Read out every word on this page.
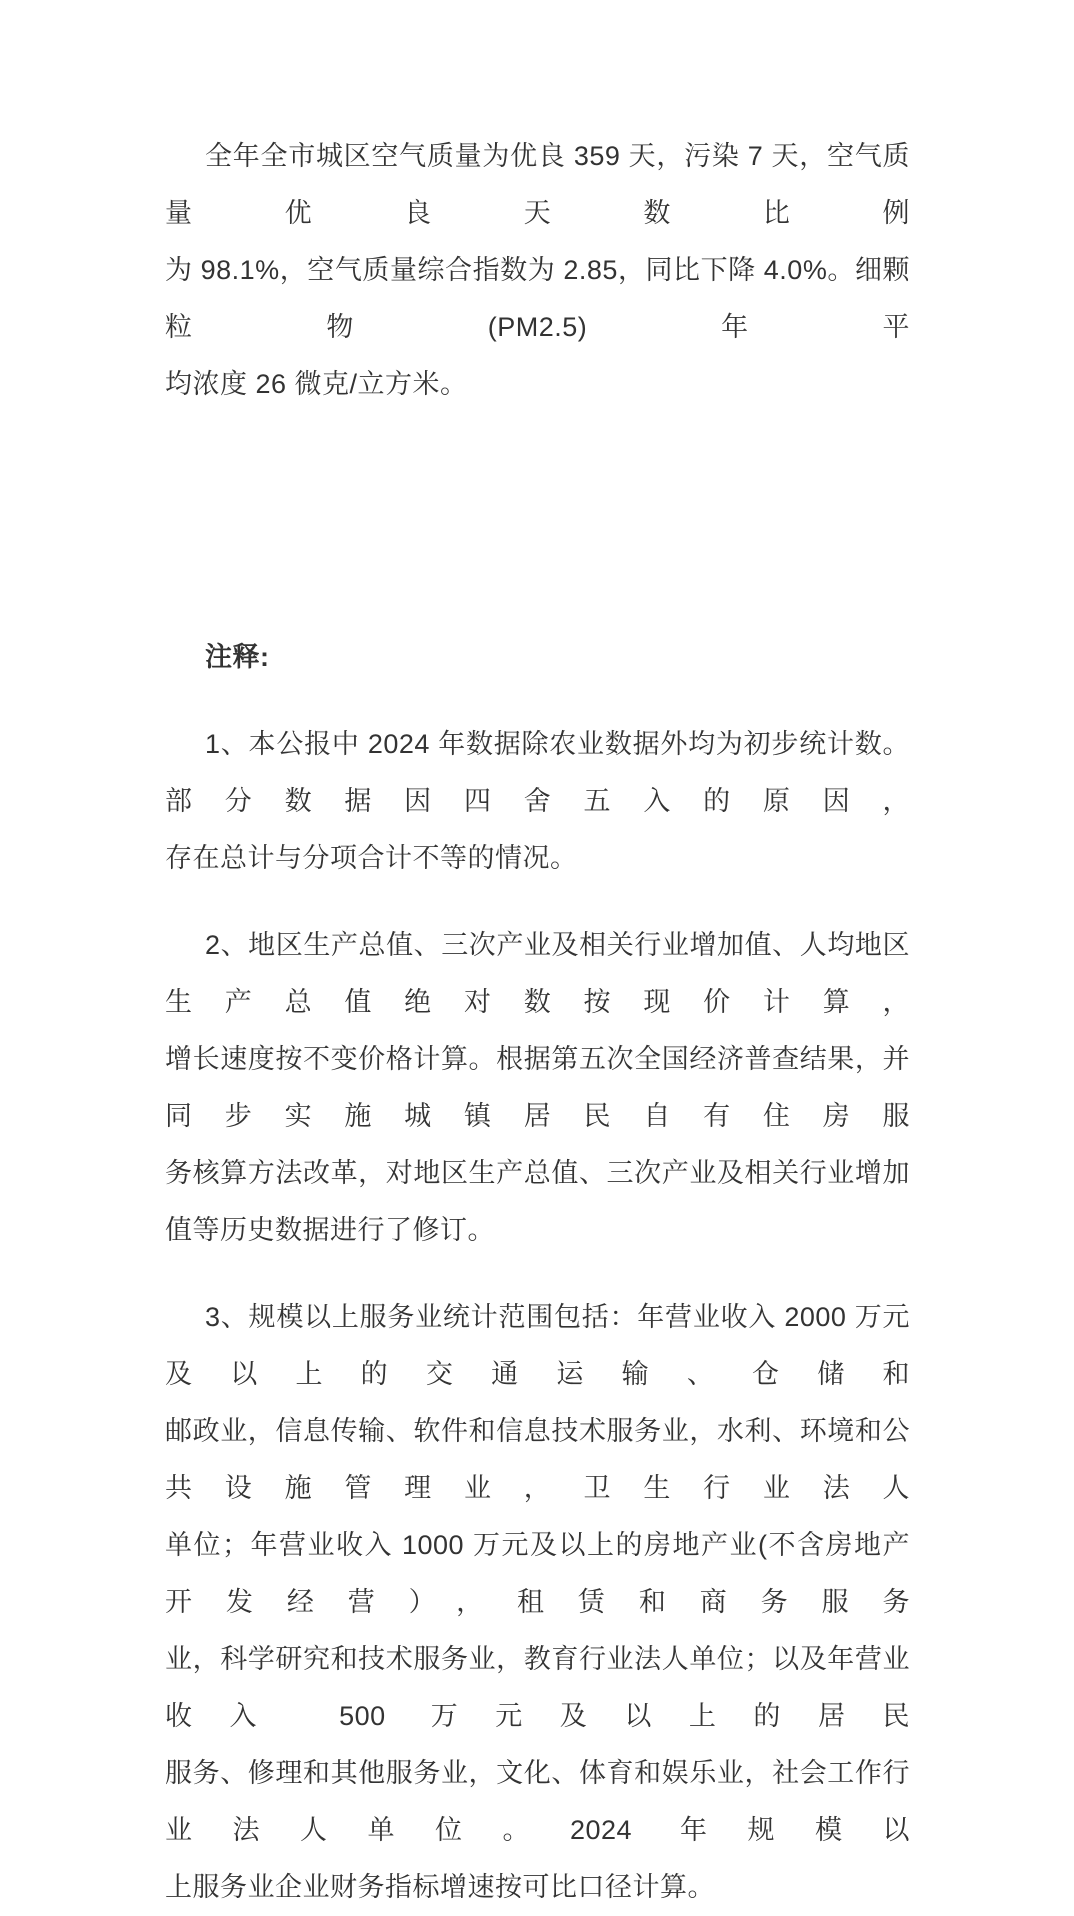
全年全市城区空气质量为优良 359 天，污染 7 天，空气质量优良天数比例
为 98.1%，空气质量综合指数为 2.85，同比下降 4.0%。细颗粒物(PM2.5)年平
均浓度 26 微克/立方米。
注释:
1、本公报中 2024 年数据除农业数据外均为初步统计数。部分数据因四舍五入的原因，
存在总计与分项合计不等的情况。
2、地区生产总值、三次产业及相关行业增加值、人均地区生产总值绝对数按现价计算，
增长速度按不变价格计算。根据第五次全国经济普查结果，并同步实施城镇居民自有住房服
务核算方法改革，对地区生产总值、三次产业及相关行业增加值等历史数据进行了修订。
3、规模以上服务业统计范围包括：年营业收入 2000 万元及以上的交通运输、仓储和
邮政业，信息传输、软件和信息技术服务业，水利、环境和公共设施管理业，卫生行业法人
单位；年营业收入 1000 万元及以上的房地产业(不含房地产开发经营），租赁和商务服务
业，科学研究和技术服务业，教育行业法人单位；以及年营业收入 500 万元及以上的居民
服务、修理和其他服务业，文化、体育和娱乐业，社会工作行业法人单位。2024 年规模以
上服务业企业财务指标增速按可比口径计算。
